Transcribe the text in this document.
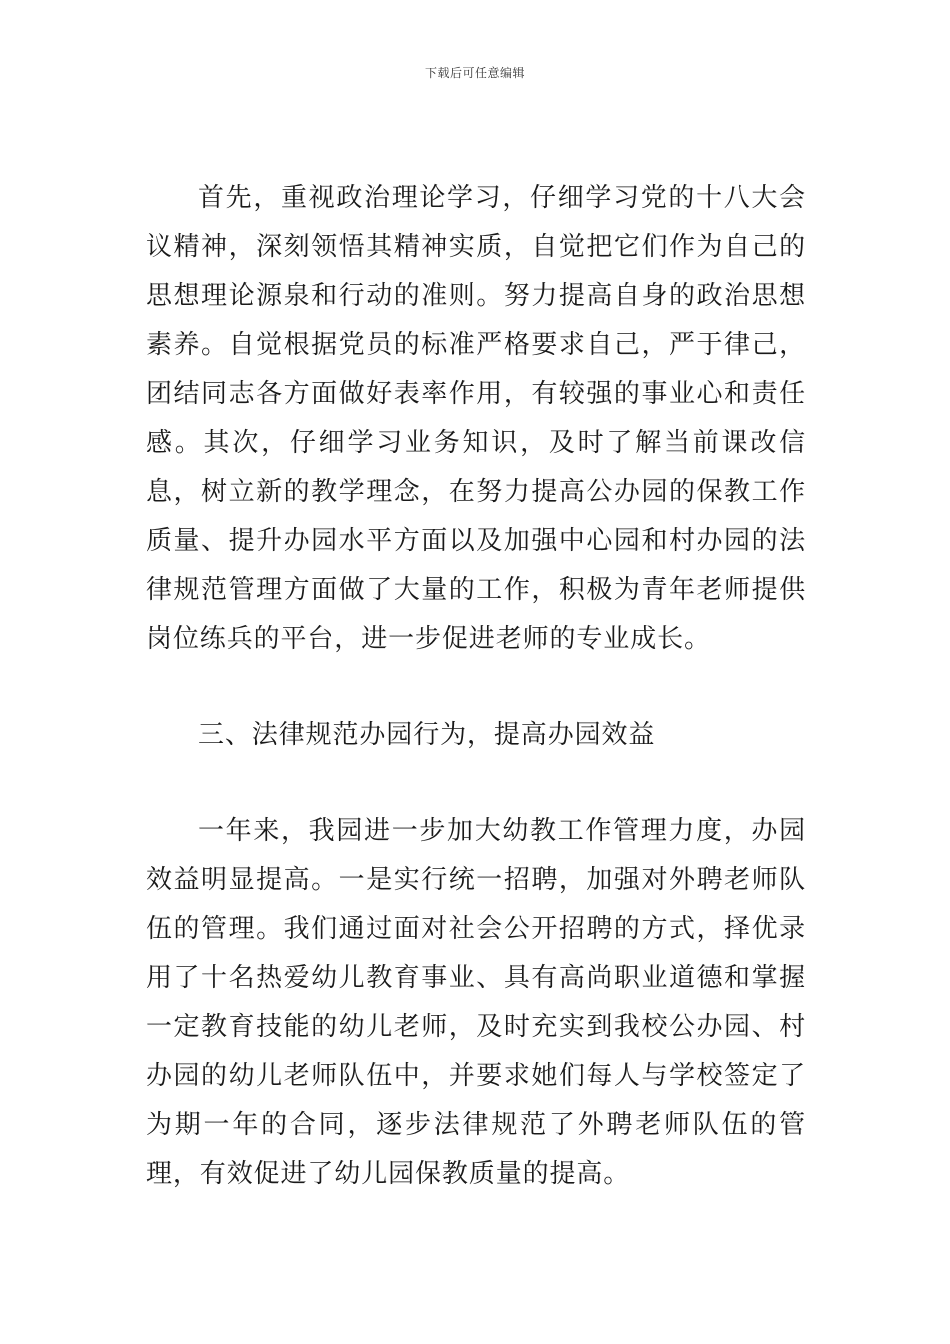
下载后可任意编辑

首先，重视政治理论学习，仔细学习党的十八大会议精神，深刻领悟其精神实质，自觉把它们作为自己的思想理论源泉和行动的准则。努力提高自身的政治思想素养。自觉根据党员的标准严格要求自己，严于律己，团结同志各方面做好表率作用，有较强的事业心和责任感。其次，仔细学习业务知识，及时了解当前课改信息，树立新的教学理念，在努力提高公办园的保教工作质量、提升办园水平方面以及加强中心园和村办园的法律规范管理方面做了大量的工作，积极为青年老师提供岗位练兵的平台，进一步促进老师的专业成长。

三、法律规范办园行为，提高办园效益

一年来，我园进一步加大幼教工作管理力度，办园效益明显提高。一是实行统一招聘，加强对外聘老师队伍的管理。我们通过面对社会公开招聘的方式，择优录用了十名热爱幼儿教育事业、具有高尚职业道德和掌握一定教育技能的幼儿老师，及时充实到我校公办园、村办园的幼儿老师队伍中，并要求她们每人与学校签定了为期一年的合同，逐步法律规范了外聘老师队伍的管理，有效促进了幼儿园保教质量的提高。
